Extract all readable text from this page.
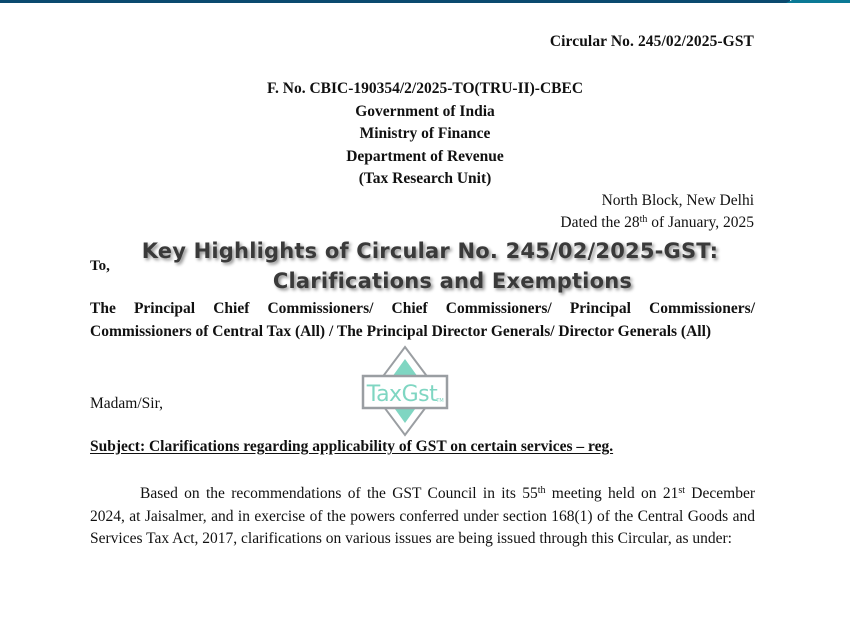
Circular No. 245/02/2025-GST
F. No. CBIC-190354/2/2025-TO(TRU-II)-CBEC
Government of India
Ministry of Finance
Department of Revenue
(Tax Research Unit)
North Block, New Delhi
Dated the 28th of January, 2025
To,
Key Highlights of Circular No. 245/02/2025-GST:
Clarifications and Exemptions
The Principal Chief Commissioners/ Chief Commissioners/ Principal Commissioners/ Commissioners of Central Tax (All) / The Principal Director Generals/ Director Generals (All)
Madam/Sir,	TaxGst TM
Subject: Clarifications regarding applicability of GST on certain services – reg.
Based on the recommendations of the GST Council in its 55th meeting held on 21st December 2024, at Jaisalmer, and in exercise of the powers conferred under section 168(1) of the Central Goods and Services Tax Act, 2017, clarifications on various issues are being issued through this Circular, as under:
